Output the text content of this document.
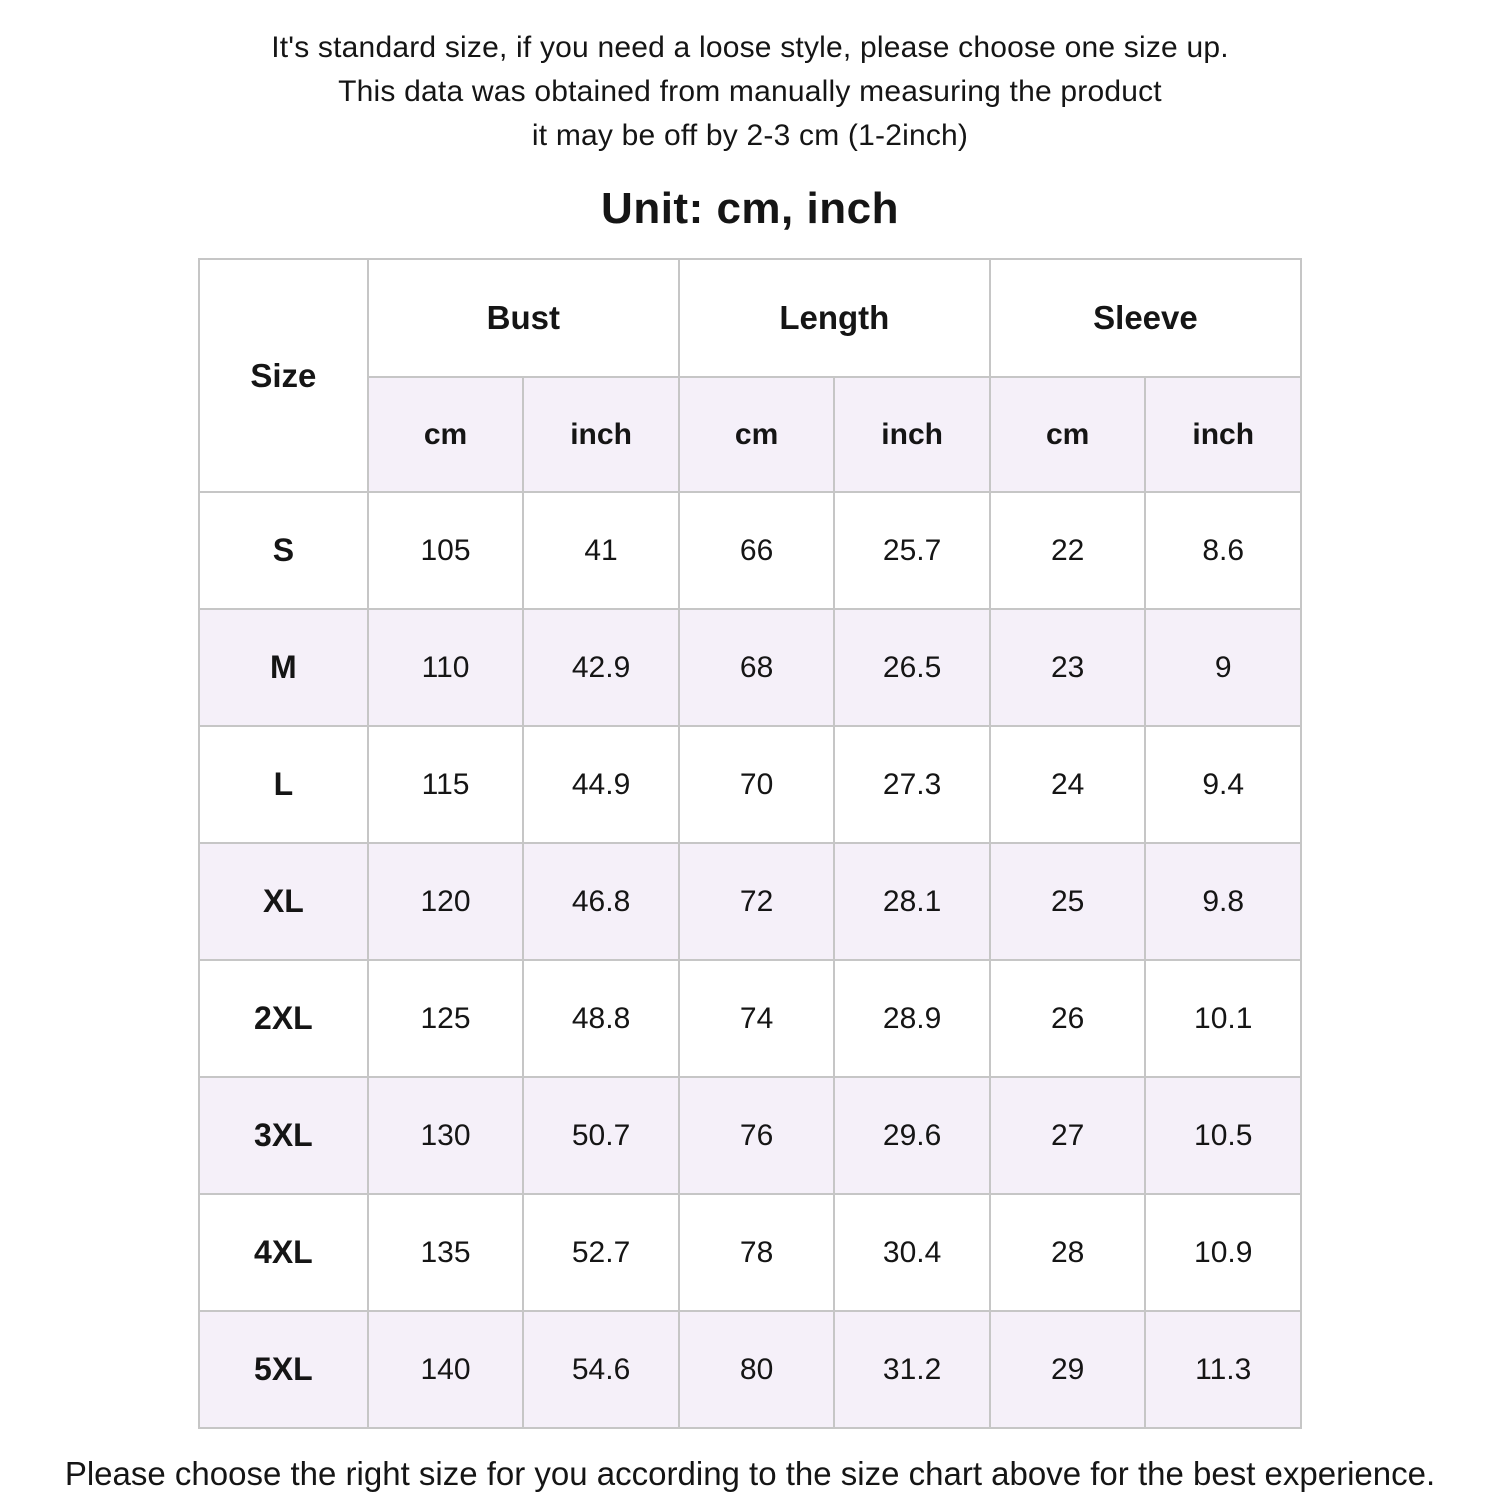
It's standard size, if you need a loose style, please choose one size up.
This data was obtained from manually measuring the product
it may be off by 2-3 cm (1-2inch)
Unit: cm, inch
Size	Bust		Length		Sleeve	
	cm	inch	cm	inch	cm	inch
S	105	41	66	25.7	22	8.6
M	110	42.9	68	26.5	23	9
L	115	44.9	70	27.3	24	9.4
XL	120	46.8	72	28.1	25	9.8
2XL	125	48.8	74	28.9	26	10.1
3XL	130	50.7	76	29.6	27	10.5
4XL	135	52.7	78	30.4	28	10.9
5XL	140	54.6	80	31.2	29	11.3
Please choose the right size for you according to the size chart above for the best experience.
